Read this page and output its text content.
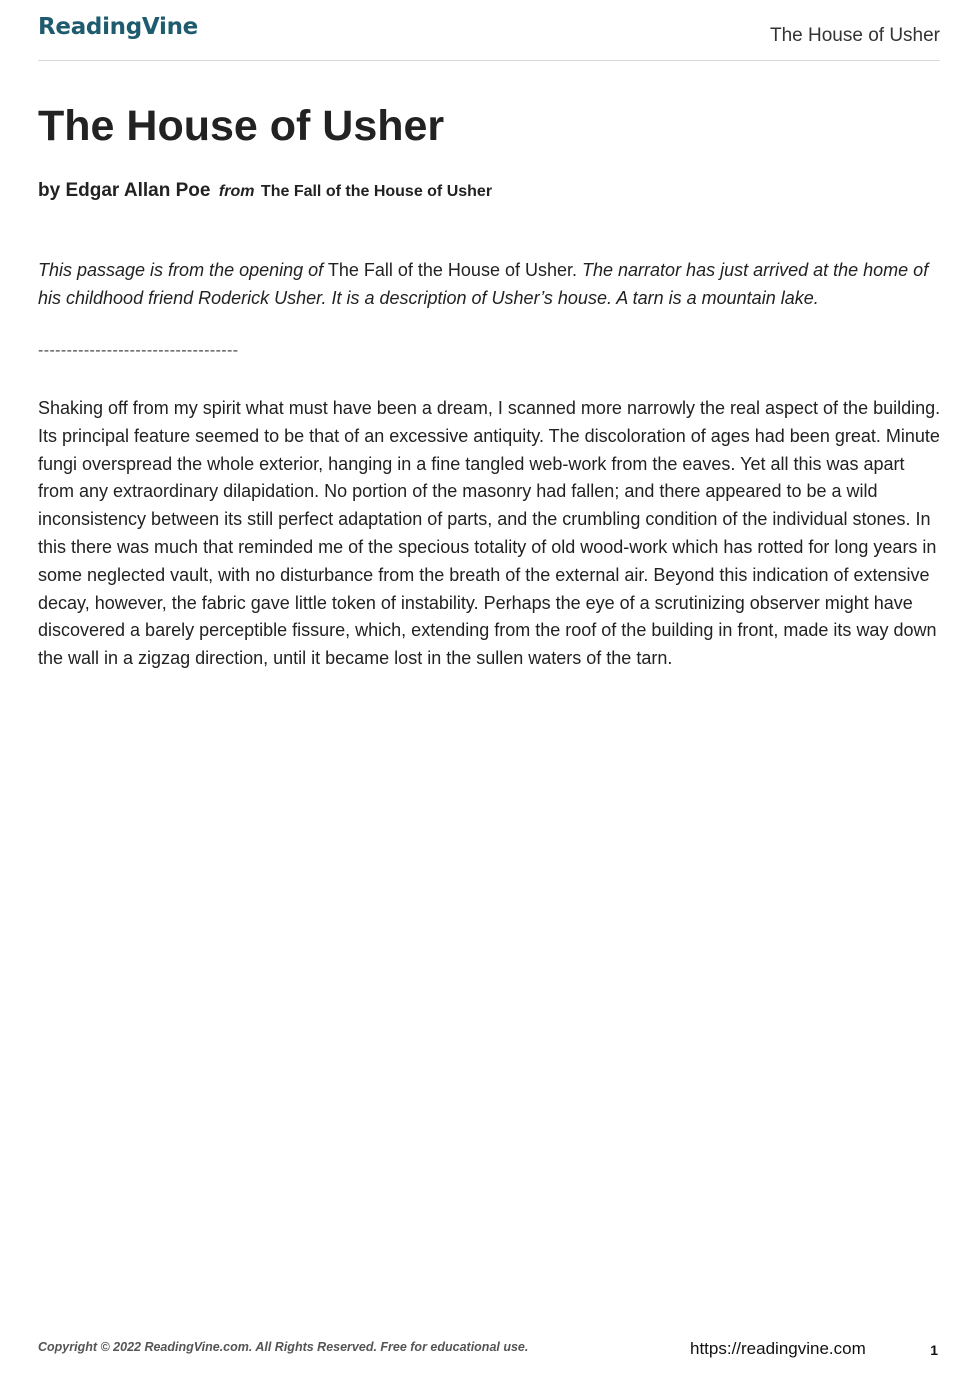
ReadingVine	The House of Usher
The House of Usher
by Edgar Allan Poe from The Fall of the House of Usher

This passage is from the opening of The Fall of the House of Usher. The narrator has just arrived at the home of his childhood friend Roderick Usher. It is a description of Usher’s house. A tarn is a mountain lake.

-----------------------------------

Shaking off from my spirit what must have been a dream, I scanned more narrowly the real aspect of the building. Its principal feature seemed to be that of an excessive antiquity. The discoloration of ages had been great. Minute fungi overspread the whole exterior, hanging in a fine tangled web-work from the eaves. Yet all this was apart from any extraordinary dilapidation. No portion of the masonry had fallen; and there appeared to be a wild inconsistency between its still perfect adaptation of parts, and the crumbling condition of the individual stones. In this there was much that reminded me of the specious totality of old wood-work which has rotted for long years in some neglected vault, with no disturbance from the breath of the external air. Beyond this indication of extensive decay, however, the fabric gave little token of instability. Perhaps the eye of a scrutinizing observer might have discovered a barely perceptible fissure, which, extending from the roof of the building in front, made its way down the wall in a zigzag direction, until it became lost in the sullen waters of the tarn.

Copyright © 2022 ReadingVine.com. All Rights Reserved. Free for educational use.	https://readingvine.com	1
